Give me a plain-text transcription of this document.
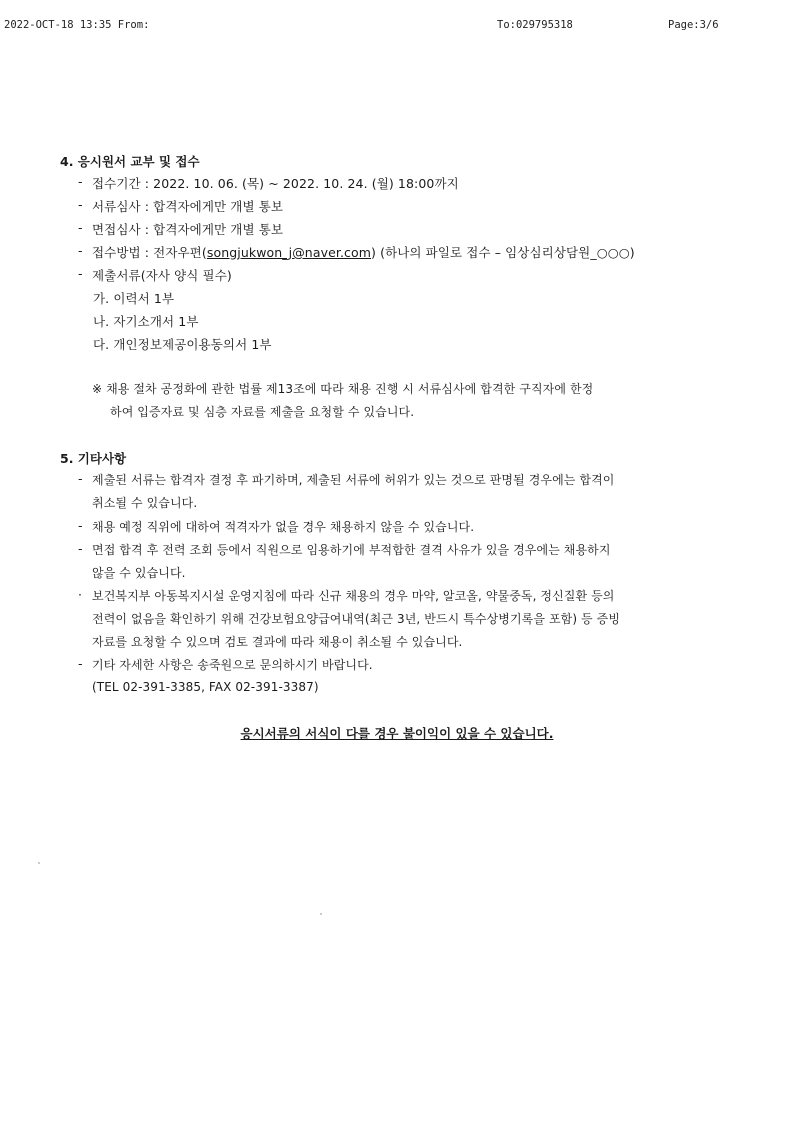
2022-OCT-18 13:35 From:	To:029795318	Page:3/6
4. 응시원서 교부 및 접수
- 접수기간 : 2022. 10. 06. (목) ~ 2022. 10. 24. (월) 18:00까지
- 서류심사 : 합격자에게만 개별 통보
- 면접심사 : 합격자에게만 개별 통보
- 접수방법 : 전자우편(songjukwon_j@naver.com) (하나의 파일로 접수 – 임상심리상담원_○○○)
- 제출서류(자사 양식 필수)
가. 이력서 1부
나. 자기소개서 1부
다. 개인정보제공이용동의서 1부
※ 채용 절차 공정화에 관한 법률 제13조에 따라 채용 진행 시 서류심사에 합격한 구직자에 한정
하여 입증자료 및 심층 자료를 제출을 요청할 수 있습니다.
5. 기타사항
- 제출된 서류는 합격자 결정 후 파기하며, 제출된 서류에 허위가 있는 것으로 판명될 경우에는 합격이
취소될 수 있습니다.
- 채용 예정 직위에 대하여 적격자가 없을 경우 채용하지 않을 수 있습니다.
- 면접 합격 후 전력 조회 등에서 직원으로 임용하기에 부적합한 결격 사유가 있을 경우에는 채용하지
않을 수 있습니다.
· 보건복지부 아동복지시설 운영지침에 따라 신규 채용의 경우 마약, 알코올, 약물중독, 정신질환 등의
전력이 없음을 확인하기 위해 건강보험요양급여내역(최근 3년, 반드시 특수상병기록을 포함) 등 증빙
자료를 요청할 수 있으며 검토 결과에 따라 채용이 취소될 수 있습니다.
- 기타 자세한 사항은 송죽원으로 문의하시기 바랍니다.
(TEL 02-391-3385, FAX 02-391-3387)
응시서류의 서식이 다를 경우 불이익이 있을 수 있습니다.
